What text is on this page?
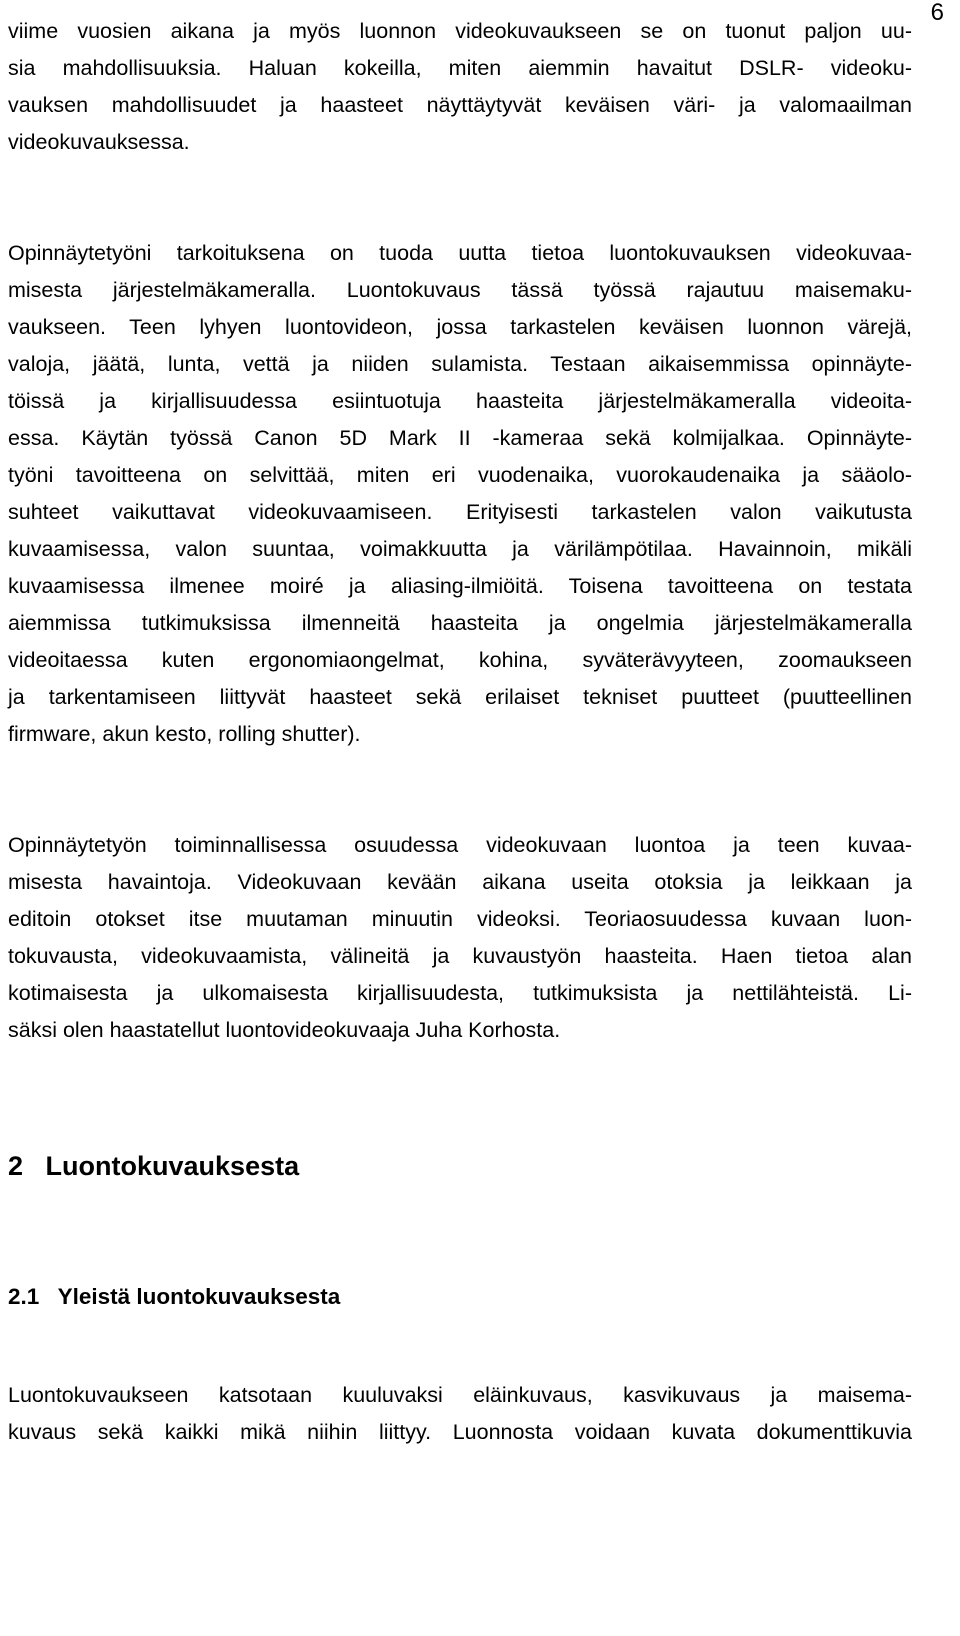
6
viime vuosien aikana ja myös luonnon videokuvaukseen se on tuonut paljon uu-
sia mahdollisuuksia. Haluan kokeilla, miten aiemmin havaitut DSLR- videoku-
vauksen mahdollisuudet ja haasteet näyttäytyvät keväisen väri- ja valomaailman
videokuvauksessa.
Opinnäytetyöni tarkoituksena on tuoda uutta tietoa luontokuvauksen videokuvaa-
misesta järjestelmäkameralla. Luontokuvaus tässä työssä rajautuu maisemaku-
vaukseen. Teen lyhyen luontovideon, jossa tarkastelen keväisen luonnon värejä,
valoja, jäätä, lunta, vettä ja niiden sulamista. Testaan aikaisemmissa opinnäyte-
töissä ja kirjallisuudessa esiintuotuja haasteita järjestelmäkameralla videoita-
essa. Käytän työssä Canon 5D Mark II -kameraa sekä kolmijalkaa. Opinnäyte-
työni tavoitteena on selvittää, miten eri vuodenaika, vuorokaudenaika ja sääolo-
suhteet vaikuttavat videokuvaamiseen. Erityisesti tarkastelen valon vaikutusta
kuvaamisessa, valon suuntaa, voimakkuutta ja värilämpötilaa. Havainnoin, mikäli
kuvaamisessa ilmenee moiré ja aliasing-ilmiöitä. Toisena tavoitteena on testata
aiemmissa tutkimuksissa ilmenneitä haasteita ja ongelmia järjestelmäkameralla
videoitaessa kuten ergonomiaongelmat, kohina, syväterävyyteen, zoomaukseen
ja tarkentamiseen liittyvät haasteet sekä erilaiset tekniset puutteet (puutteellinen
firmware, akun kesto, rolling shutter).
Opinnäytetyön toiminnallisessa osuudessa videokuvaan luontoa ja teen kuvaa-
misesta havaintoja. Videokuvaan kevään aikana useita otoksia ja leikkaan ja
editoin otokset itse muutaman minuutin videoksi. Teoriaosuudessa kuvaan luon-
tokuvausta, videokuvaamista, välineitä ja kuvaustyön haasteita. Haen tietoa alan
kotimaisesta ja ulkomaisesta kirjallisuudesta, tutkimuksista ja nettilähteistä. Li-
säksi olen haastatellut luontovideokuvaaja Juha Korhosta.
2 Luontokuvauksesta
2.1 Yleistä luontokuvauksesta
Luontokuvaukseen katsotaan kuuluvaksi eläinkuvaus, kasvikuvaus ja maisema-
kuvaus sekä kaikki mikä niihin liittyy. Luonnosta voidaan kuvata dokumenttikuvia
